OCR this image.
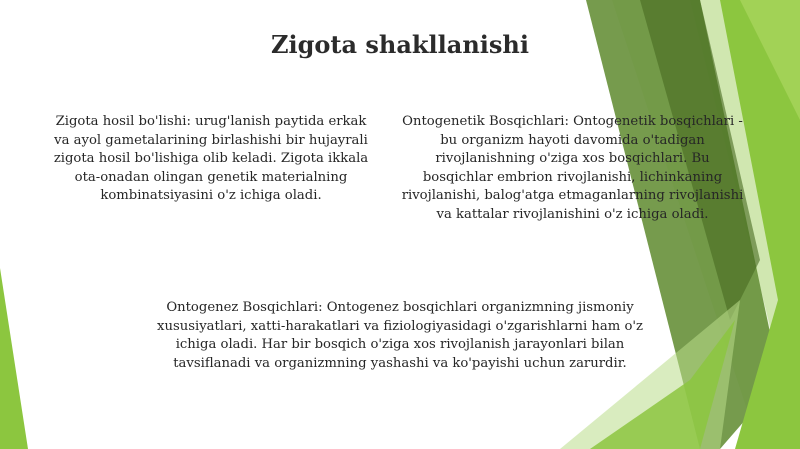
Zigota shakllanishi

Zigota hosil bo'lishi: urug'lanish paytida erkak va ayol gametalarining birlashishi bir hujayrali zigota hosil bo'lishiga olib keladi. Zigota ikkala ota-onadan olingan genetik materialning kombinatsiyasini o'z ichiga oladi.

Ontogenetik Bosqichlari: Ontogenetik bosqichlari - bu organizm hayoti davomida o'tadigan rivojlanishning o'ziga xos bosqichlari. Bu bosqichlar embrion rivojlanishi, lichinkaning rivojlanishi, balog'atga etmaganlarning rivojlanishi va kattalar rivojlanishini o'z ichiga oladi.

Ontogenez Bosqichlari: Ontogenez bosqichlari organizmning jismoniy xususiyatlari, xatti-harakatlari va fiziologiyasidagi o'zgarishlarni ham o'z ichiga oladi. Har bir bosqich o'ziga xos rivojlanish jarayonlari bilan tavsiflanadi va organizmning yashashi va ko'payishi uchun zarurdir.
